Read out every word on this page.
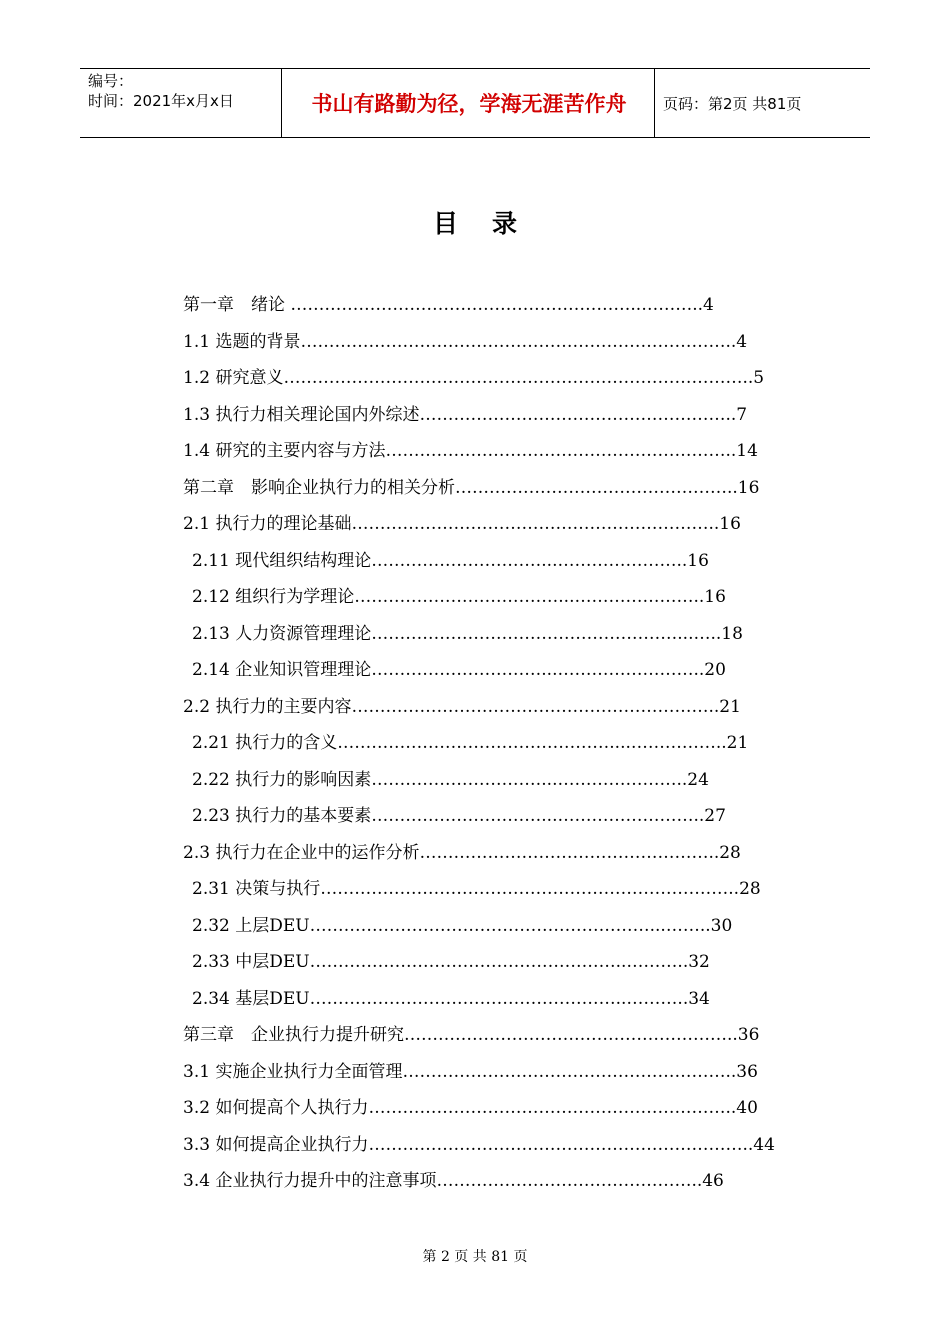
编号：
时间：2021年x月x日	书山有路勤为径，学海无涯苦作舟	页码：第2页 共81页
目录
第一章　绪论 ……………………………………………………..………..4
1.1 选题的背景…………………………………………………………………..4
1.2 研究意义………………………………………………………………………..5
1.3 执行力相关理论国内外综述………………………………………………..7
1.4 研究的主要内容与方法……………………………………………………..14
第二章　影响企业执行力的相关分析…………………………………………..16
2.1 执行力的理论基础………………………………………………………..16
2.11 现代组织结构理论…………………………...…………………..16
2.12 组织行为学理论………………………………...…………………..16
2.13 人力资源管理理论………………………………………………...…..18
2.14 企业知识管理理论…………………………...……………………..20
2.2 执行力的主要内容………………………………………………………..21
2.21 执行力的含义…………………………………………....……………..21
2.22 执行力的影响因素…………………………...…………………..24
2.23 执行力的基本要素…………………………...……………………..27
2.3 执行力在企业中的运作分析……………………………………………..28
2.31 决策与执行………………………………………………………………..28
2.32 上层DEU……………………………………………………...……..30
2.33 中层DEU………………………………………………..………..32
2.34 基层DEU………………………………………………..………..34
第三章　企业执行力提升研究…………………………………………………..36
3.1 实施企业执行力全面管理…………………………………………………..36
3.2 如何提高个人执行力………………………………………………………..40
3.3 如何提高企业执行力…………………………………………………………..44
3.4 企业执行力提升中的注意事项………………………………………..46
第 2 页 共 81 页
